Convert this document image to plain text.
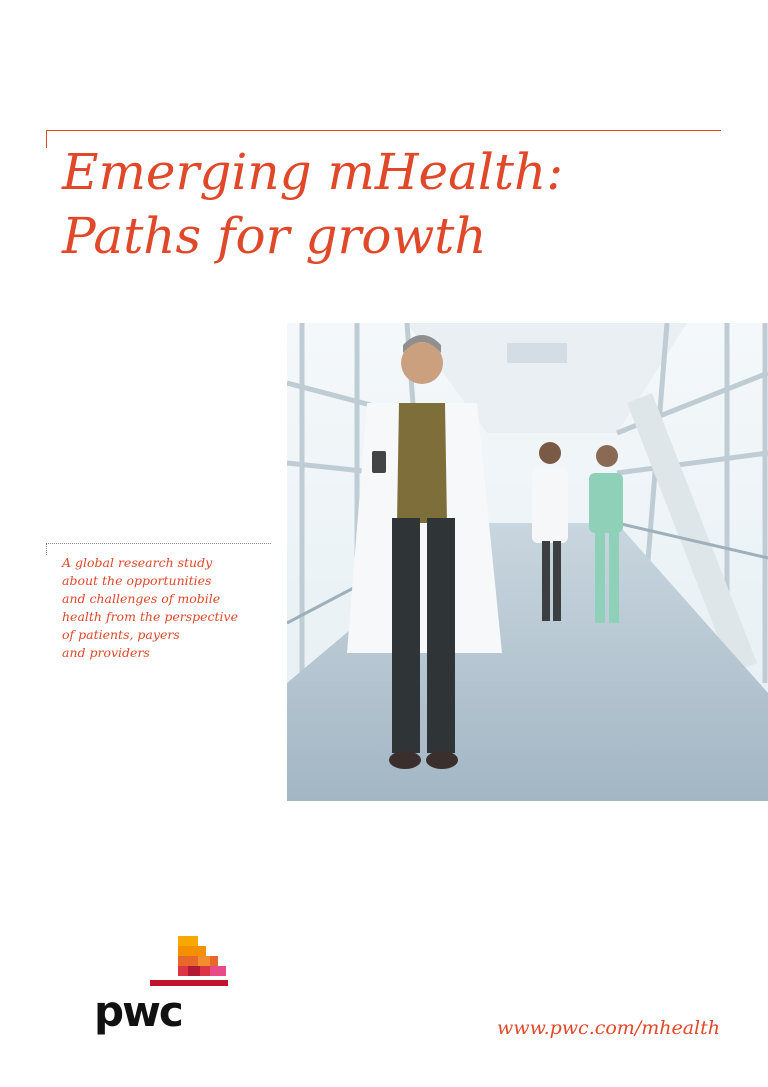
Emerging mHealth:
Paths for growth

A global research study
about the opportunities
and challenges of mobile
health from the perspective
of patients, payers
and providers

pwc	www.pwc.com/mhealth
